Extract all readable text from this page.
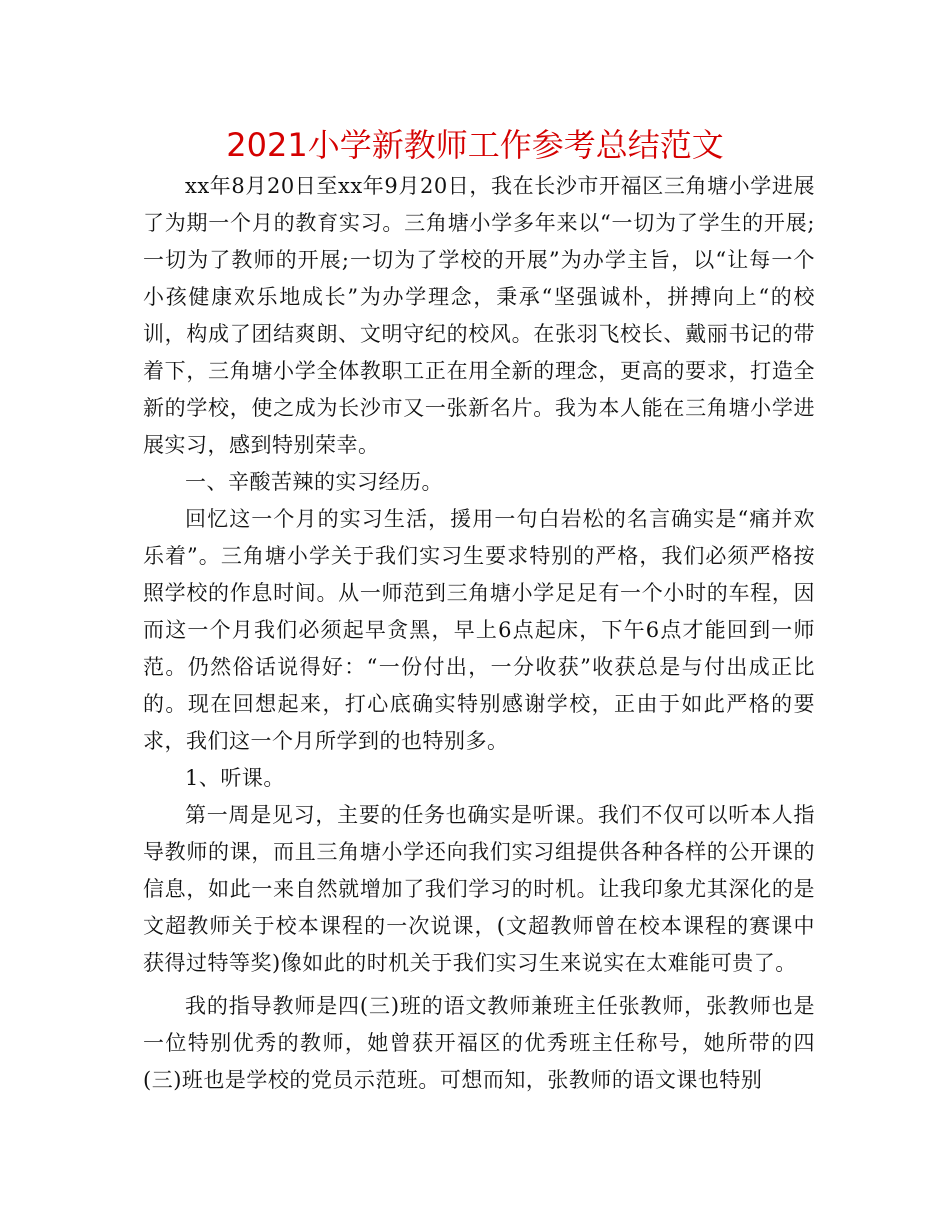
2021小学新教师工作参考总结范文

xx年8月20日至xx年9月20日，我在长沙市开福区三角塘小学进展了为期一个月的教育实习。三角塘小学多年来以“一切为了学生的开展;一切为了教师的开展;一切为了学校的开展”为办学主旨，以“让每一个小孩健康欢乐地成长”为办学理念，秉承“坚强诚朴，拼搏向上“的校训，构成了团结爽朗、文明守纪的校风。在张羽飞校长、戴丽书记的带着下，三角塘小学全体教职工正在用全新的理念，更高的要求，打造全新的学校，使之成为长沙市又一张新名片。我为本人能在三角塘小学进展实习，感到特别荣幸。

一、辛酸苦辣的实习经历。

回忆这一个月的实习生活，援用一句白岩松的名言确实是“痛并欢乐着”。三角塘小学关于我们实习生要求特别的严格，我们必须严格按照学校的作息时间。从一师范到三角塘小学足足有一个小时的车程，因而这一个月我们必须起早贪黑，早上6点起床，下午6点才能回到一师范。仍然俗话说得好：“一份付出，一分收获”收获总是与付出成正比的。现在回想起来，打心底确实特别感谢学校，正由于如此严格的要求，我们这一个月所学到的也特别多。

1、听课。

第一周是见习，主要的任务也确实是听课。我们不仅可以听本人指导教师的课，而且三角塘小学还向我们实习组提供各种各样的公开课的信息，如此一来自然就增加了我们学习的时机。让我印象尤其深化的是文超教师关于校本课程的一次说课，(文超教师曾在校本课程的赛课中获得过特等奖)像如此的时机关于我们实习生来说实在太难能可贵了。

我的指导教师是四(三)班的语文教师兼班主任张教师，张教师也是一位特别优秀的教师，她曾获开福区的优秀班主任称号，她所带的四(三)班也是学校的党员示范班。可想而知，张教师的语文课也特别
